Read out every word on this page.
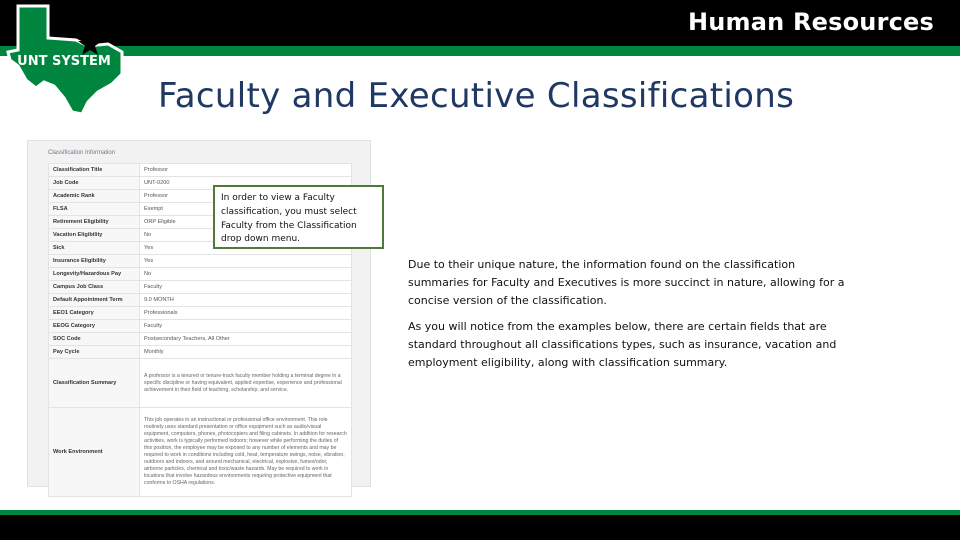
Human Resources
UNT SYSTEM
Faculty and Executive Classifications
Classification Information
Classification Title	Professor
Job Code	UNT-0200
Academic Rank	Professor
FLSA	Exempt
Retirement Eligibility	ORP Eligible
Vacation Eligibility	No
Sick	Yes
Insurance Eligibility	Yes
Longevity/Hazardous Pay	No
Campus Job Class	Faculty
Default Appointment Term	9.0 MONTH
EEO1 Category	Professionals
EEOG Category	Faculty
SOC Code	Postsecondary Teachers, All Other
Pay Cycle	Monthly
Classification Summary	A professor is a tenured or tenure-track faculty member holding a terminal degree in a specific discipline or having equivalent, applied expertise, experience and professional achievement in their field of teaching, scholarship, and service.

Work Environment	This job operates in an instructional or professional office environment. This role routinely uses standard presentation or office equipment such as audio/visual equipment, computers, phones, photocopiers and filing cabinets. In addition for research activities, work is typically performed indoors; however while performing the duties of this position, the employee may be exposed to any number of elements and may be required to work in conditions including cold, heat, temperature swings, noise, vibration, outdoors and indoors, and around mechanical, electrical, explosive, fumes/odor, airborne particles, chemical and toxic/waste hazards. May be required to work in locations that involve hazardous environments requiring protective equipment that conforms to OSHA regulations.
In order to view a Faculty classification, you must select Faculty from the Classification drop down menu.
Due to their unique nature, the information found on the classification summaries for Faculty and Executives is more succinct in nature, allowing for a concise version of the classification.
As you will notice from the examples below, there are certain fields that are standard throughout all classifications types, such as insurance, vacation and employment eligibility, along with classification summary.
